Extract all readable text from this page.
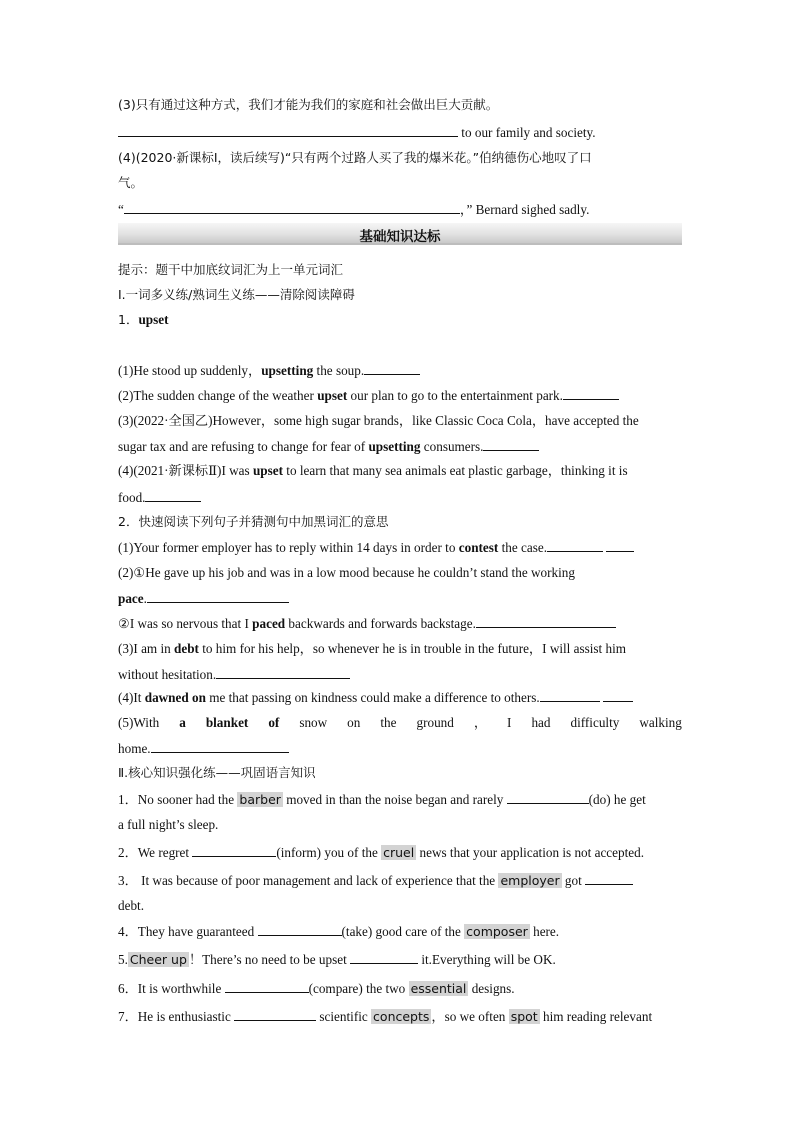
(3)只有通过这种方式，我们才能为我们的家庭和社会做出巨大贡献。
to our family and society.
(4)(2020·新课标Ⅰ，读后续写)“只有两个过路人买了我的爆米花。”伯纳德伤心地叹了口
气。
“	，” Bernard sighed sadly.
基础知识达标
提示：题干中加底纹词汇为上一单元词汇
Ⅰ.一词多义练/熟词生义练——清除阅读障碍
1．upset
(1)He stood up suddenly，upsetting the soup.
(2)The sudden change of the weather upset our plan to go to the entertainment park.
(3)(2022·全国乙)However，some high sugar brands，like Classic Coca Cola，have accepted the
sugar tax and are refusing to change for fear of upsetting consumers.
(4)(2021·新课标Ⅱ)I was upset to learn that many sea animals eat plastic garbage，thinking it is
food.
2．快速阅读下列句子并猜测句中加黑词汇的意思
(1)Your former employer has to reply within 14 days in order to contest the case.
(2)①He gave up his job and was in a low mood because he couldn’t stand the working
pace.
②I was so nervous that I paced backwards and forwards backstage.
(3)I am in debt to him for his help，so whenever he is in trouble in the future，I will assist him
without hesitation.
(4)It dawned on me that passing on kindness could make a difference to others.
(5)With a blanket of snow on the ground ， I had difficulty walking
home.
Ⅱ.核心知识强化练——巩固语言知识
1．No sooner had the barber moved in than the noise began and rarely	(do) he get
a full night’s sleep.
2．We regret	(inform) you of the cruel news that your application is not accepted.
3． It was because of poor management and lack of experience that the employer got
debt.
4．They have guaranteed	(take) good care of the composer here.
5. Cheer up ！There’s no need to be upset	it.Everything will be OK.
6．It is worthwhile	(compare) the two essential designs.
7．He is enthusiastic	scientific concepts ，so we often spot him reading relevant
